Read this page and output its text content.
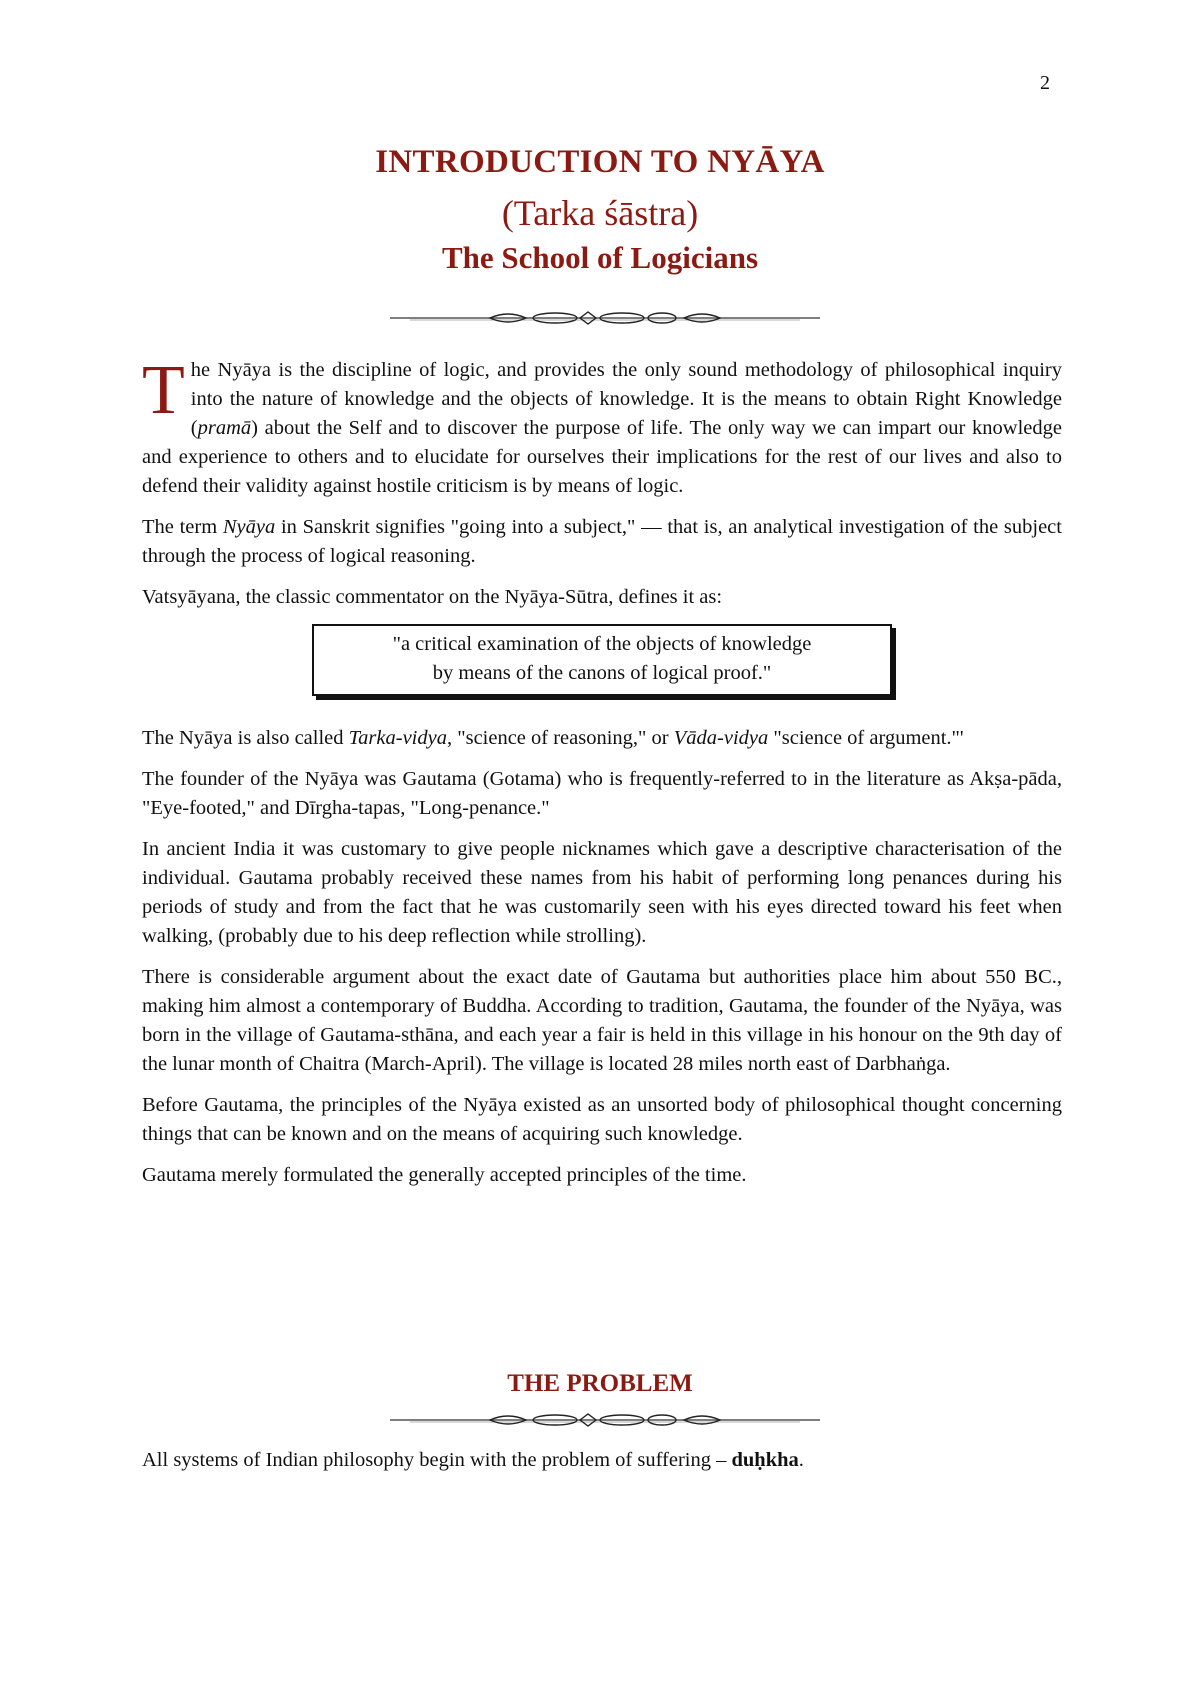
2
INTRODUCTION TO NYĀYA
(Tarka śāstra)
The School of Logicians

The Nyāya is the discipline of logic, and provides the only sound methodology of philosophical inquiry into the nature of knowledge and the objects of knowledge. It is the means to obtain Right Knowledge (pramā) about the Self and to discover the purpose of life. The only way we can impart our knowledge and experience to others and to elucidate for ourselves their implications for the rest of our lives and also to defend their validity against hostile criticism is by means of logic.

The term Nyāya in Sanskrit signifies "going into a subject," — that is, an analytical investigation of the subject through the process of logical reasoning.

Vatsyāyana, the classic commentator on the Nyāya-Sūtra, defines it as:

"a critical examination of the objects of knowledge
by means of the canons of logical proof."

The Nyāya is also called Tarka-vidya, "science of reasoning," or Vāda-vidya "science of argument."'

The founder of the Nyāya was Gautama (Gotama) who is frequently-referred to in the literature as Akṣa-pāda, "Eye-footed," and Dīrgha-tapas, "Long-penance."

In ancient India it was customary to give people nicknames which gave a descriptive characterisation of the individual. Gautama probably received these names from his habit of performing long penances during his periods of study and from the fact that he was customarily seen with his eyes directed toward his feet when walking, (probably due to his deep reflection while strolling).

There is considerable argument about the exact date of Gautama but authorities place him about 550 BC., making him almost a contemporary of Buddha. According to tradition, Gautama, the founder of the Nyāya, was born in the village of Gautama-sthāna, and each year a fair is held in this village in his honour on the 9th day of the lunar month of Chaitra (March-April). The village is located 28 miles north east of Darbhaṅga.

Before Gautama, the principles of the Nyāya existed as an unsorted body of philosophical thought concerning things that can be known and on the means of acquiring such knowledge.

Gautama merely formulated the generally accepted principles of the time.

THE PROBLEM
All systems of Indian philosophy begin with the problem of suffering – duḥkha.
